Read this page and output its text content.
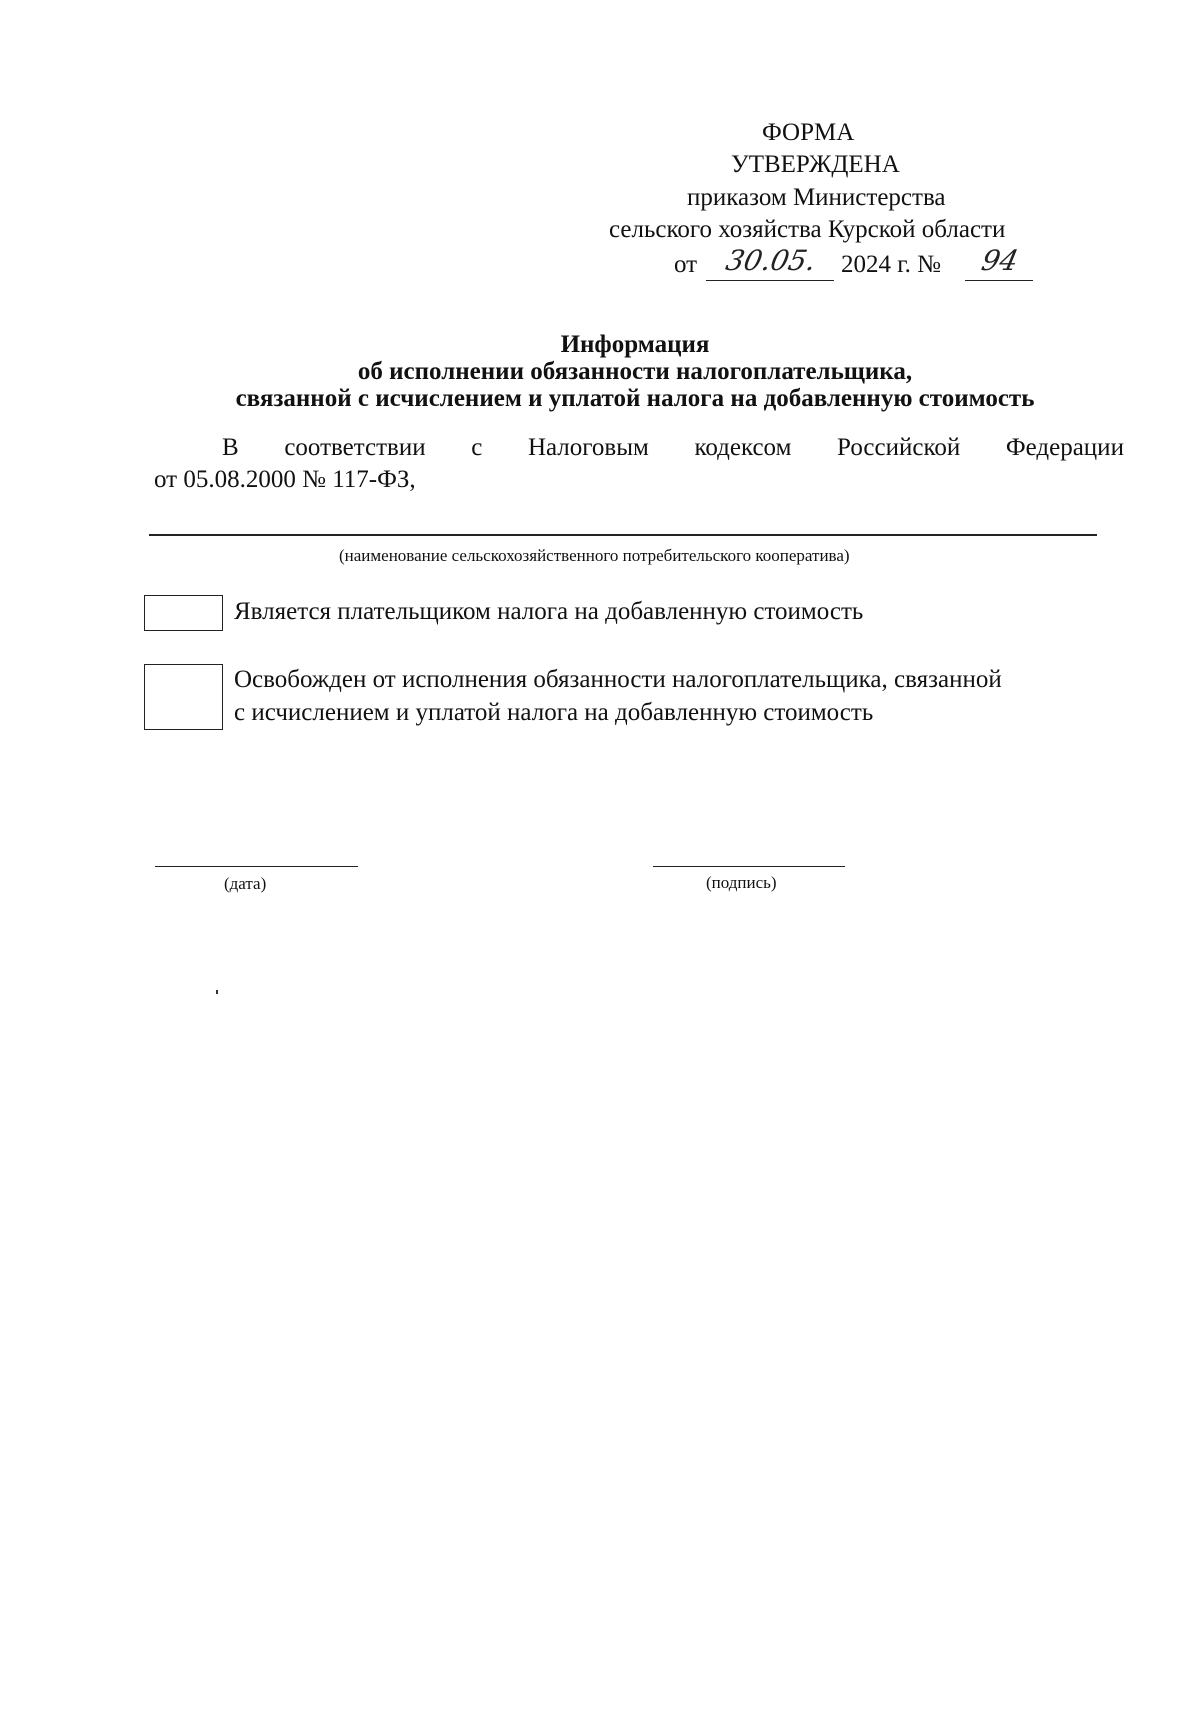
ФОРМА
УТВЕРЖДЕНА
приказом Министерства
сельского хозяйства Курской области
от 30.05. 2024 г. №	94
Информация
об исполнении обязанности налогоплательщика,
связанной с исчислением и уплатой налога на добавленную стоимость
В соответствии с Налоговым кодексом Российской Федерации
от 05.08.2000 № 117-ФЗ,
(наименование сельскохозяйственного потребительского кооператива)
Является плательщиком налога на добавленную стоимость
Освобожден от исполнения обязанности налогоплательщика, связанной
с исчислением и уплатой налога на добавленную стоимость
(дата)	(подпись)
